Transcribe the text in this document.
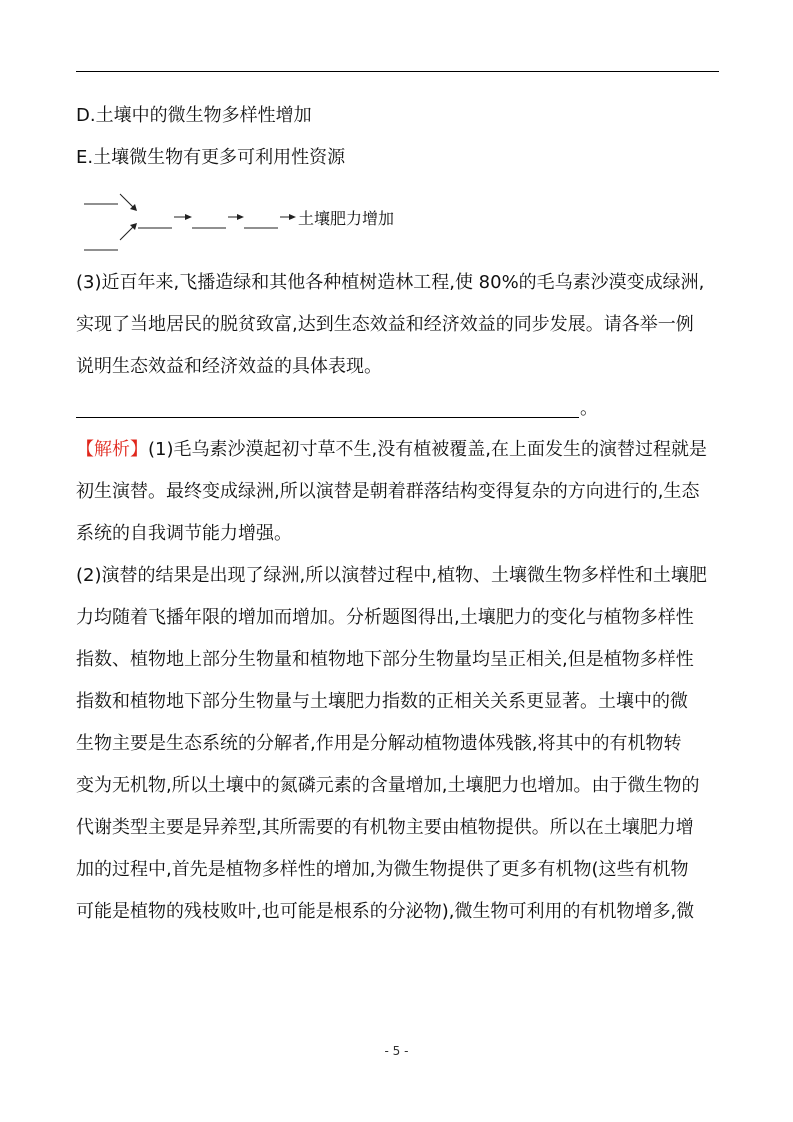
D.土壤中的微生物多样性增加
E.土壤微生物有更多可利用性资源
土壤肥力增加
(3)近百年来,飞播造绿和其他各种植树造林工程,使 80%的毛乌素沙漠变成绿洲,
实现了当地居民的脱贫致富,达到生态效益和经济效益的同步发展。请各举一例
说明生态效益和经济效益的具体表现。
。
【解析】(1)毛乌素沙漠起初寸草不生,没有植被覆盖,在上面发生的演替过程就是
初生演替。最终变成绿洲,所以演替是朝着群落结构变得复杂的方向进行的,生态
系统的自我调节能力增强。
(2)演替的结果是出现了绿洲,所以演替过程中,植物、土壤微生物多样性和土壤肥
力均随着飞播年限的增加而增加。分析题图得出,土壤肥力的变化与植物多样性
指数、植物地上部分生物量和植物地下部分生物量均呈正相关,但是植物多样性
指数和植物地下部分生物量与土壤肥力指数的正相关关系更显著。土壤中的微
生物主要是生态系统的分解者,作用是分解动植物遗体残骸,将其中的有机物转
变为无机物,所以土壤中的氮磷元素的含量增加,土壤肥力也增加。由于微生物的
代谢类型主要是异养型,其所需要的有机物主要由植物提供。所以在土壤肥力增
加的过程中,首先是植物多样性的增加,为微生物提供了更多有机物(这些有机物
可能是植物的残枝败叶,也可能是根系的分泌物),微生物可利用的有机物增多,微
- 5 -
